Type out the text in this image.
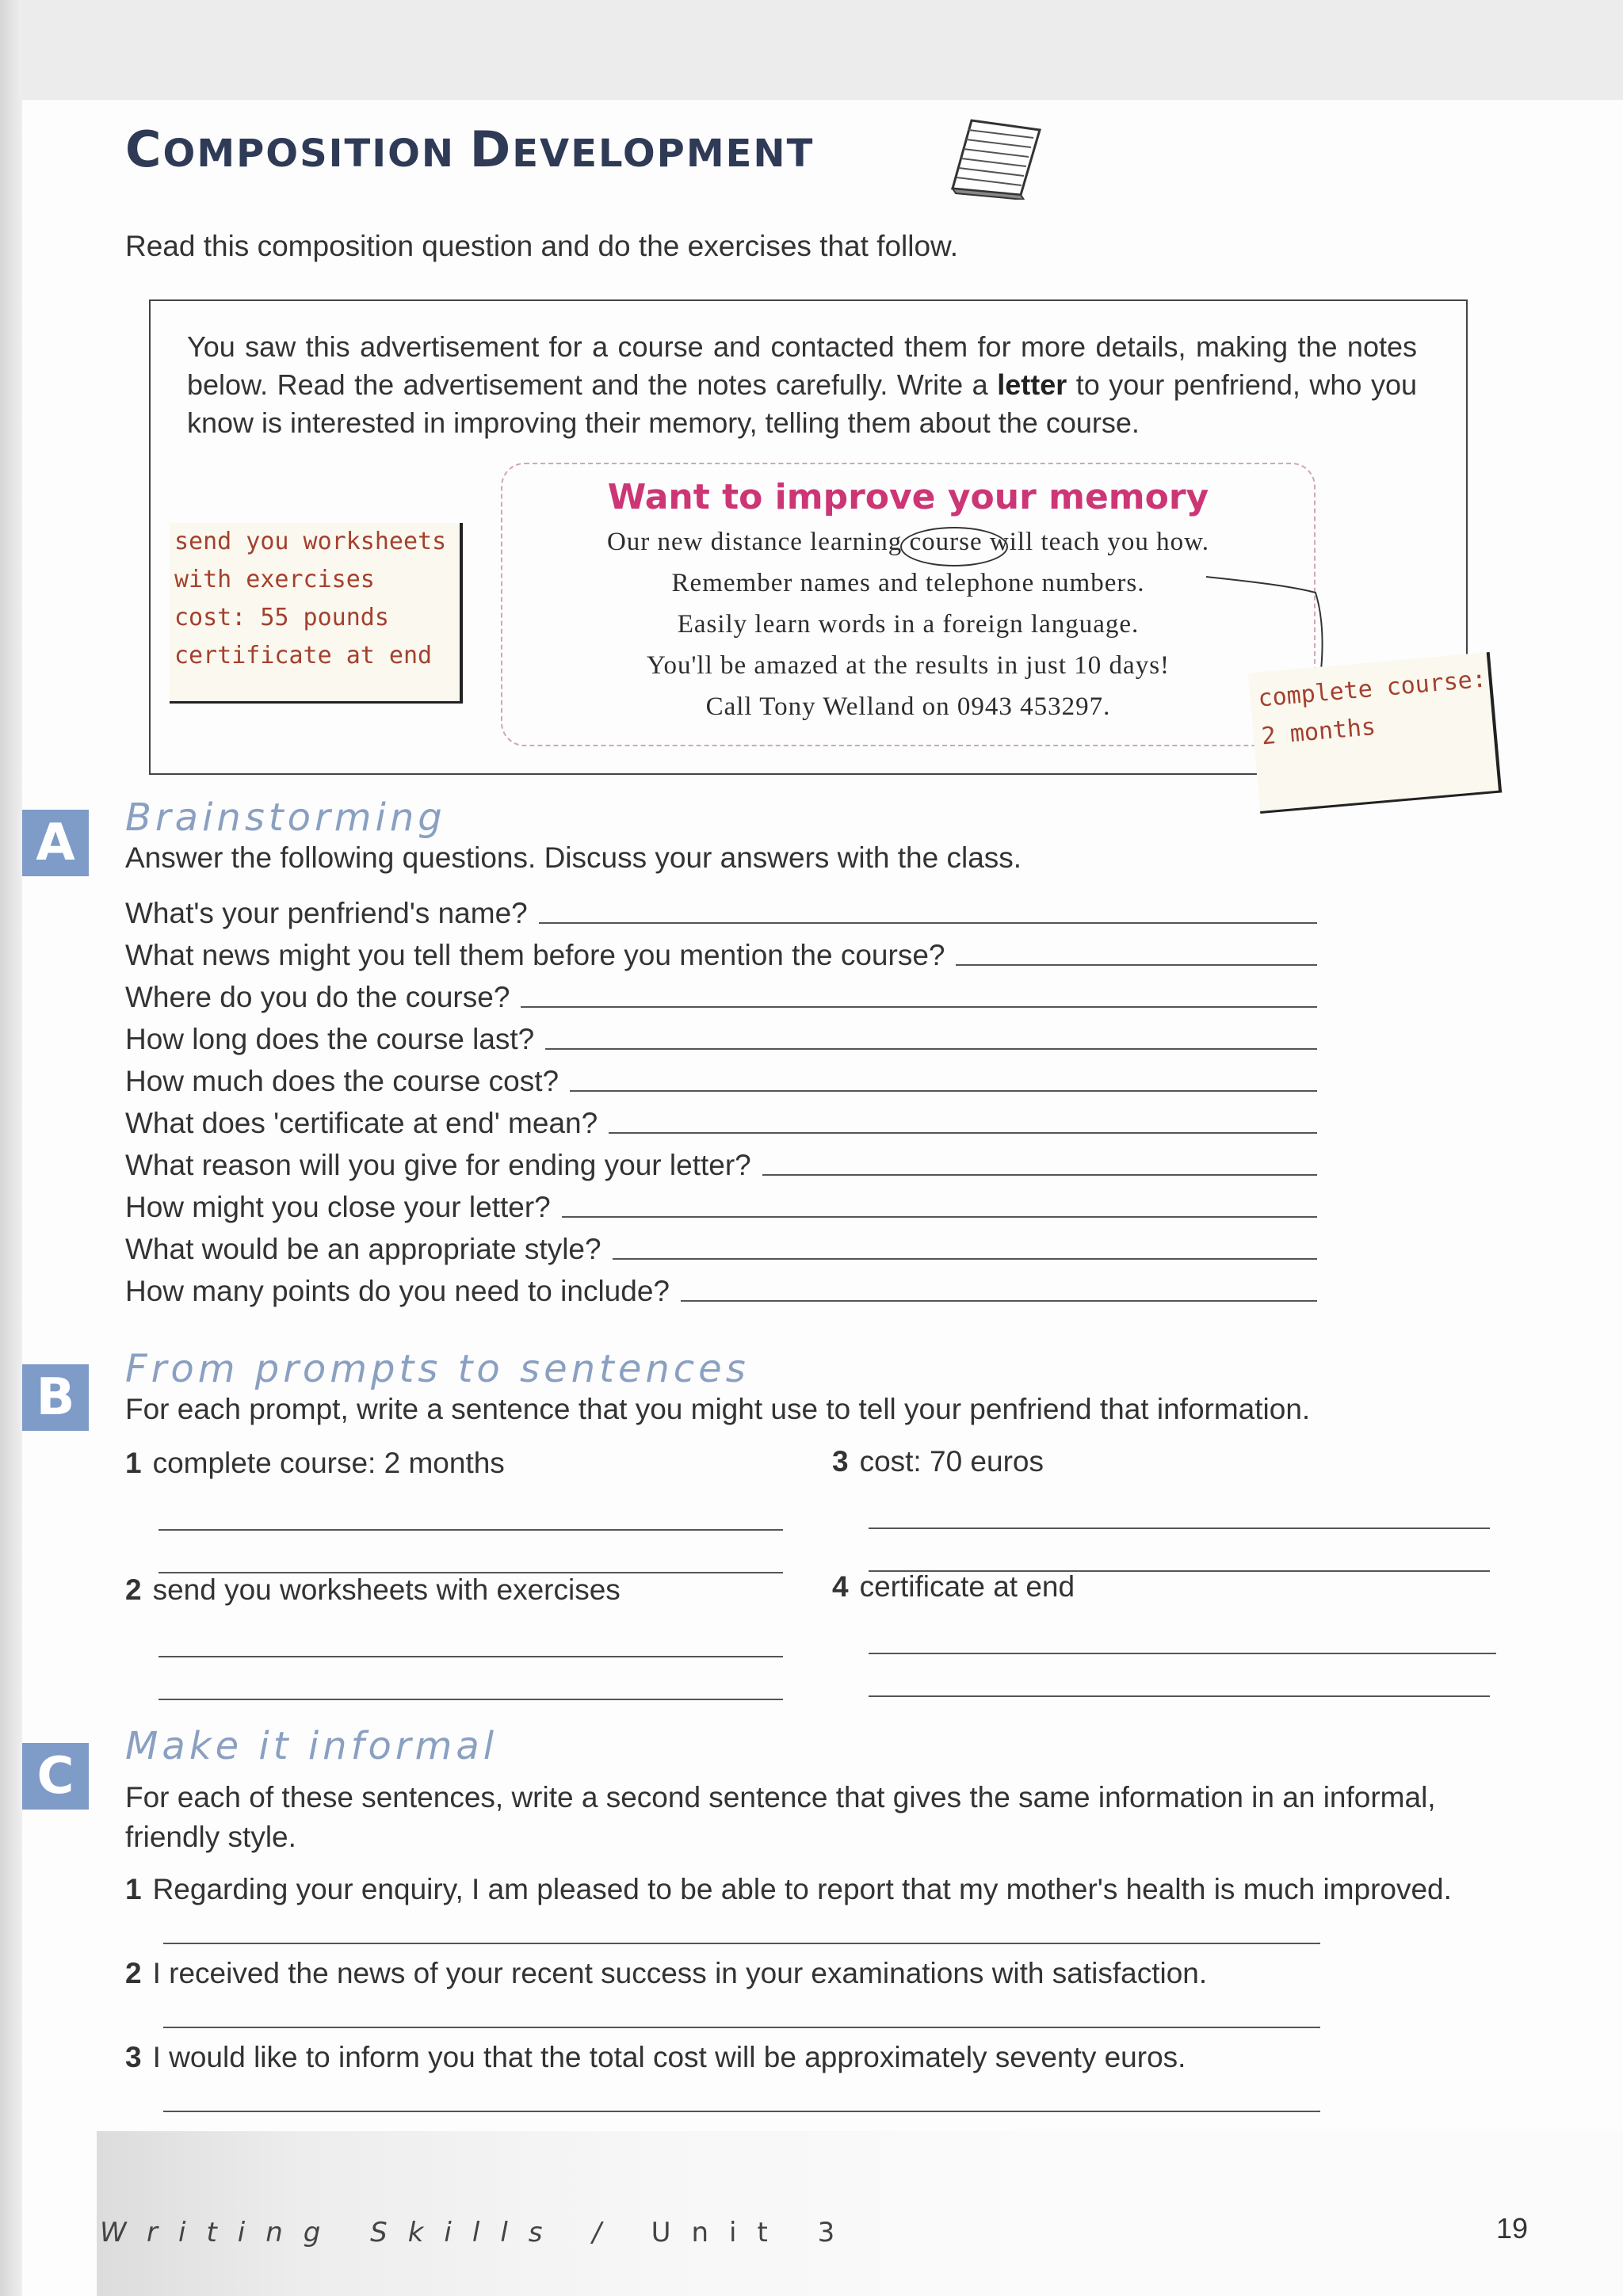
COMPOSITION DEVELOPMENT
Read this composition question and do the exercises that follow.
You saw this advertisement for a course and contacted them for more details, making the notes below. Read the advertisement and the notes carefully. Write a letter to your penfriend, who you know is interested in improving their memory, telling them about the course.
Want to improve your memory
Our new distance learning course will teach you how.
Remember names and telephone numbers.
Easily learn words in a foreign language.
You'll be amazed at the results in just 10 days!
Call Tony Welland on 0943 453297.
send you worksheets
with exercises
cost: 55 pounds
certificate at end
complete course:
2 months
A	Brainstorming
Answer the following questions. Discuss your answers with the class.
What's your penfriend's name?
What news might you tell them before you mention the course?
Where do you do the course?
How long does the course last?
How much does the course cost?
What does 'certificate at end' mean?
What reason will you give for ending your letter?
How might you close your letter?
What would be an appropriate style?
How many points do you need to include?
B	From prompts to sentences
For each prompt, write a sentence that you might use to tell your penfriend that information.
1 complete course: 2 months
2 send you worksheets with exercises
3 cost: 70 euros
4 certificate at end
C
Make it informal
For each of these sentences, write a second sentence that gives the same information in an informal, friendly style.
1 Regarding your enquiry, I am pleased to be able to report that my mother's health is much improved.
2 I received the news of your recent success in your examinations with satisfaction.
3 I would like to inform you that the total cost will be approximately seventy euros.
Writing Skills / Unit 3	19
